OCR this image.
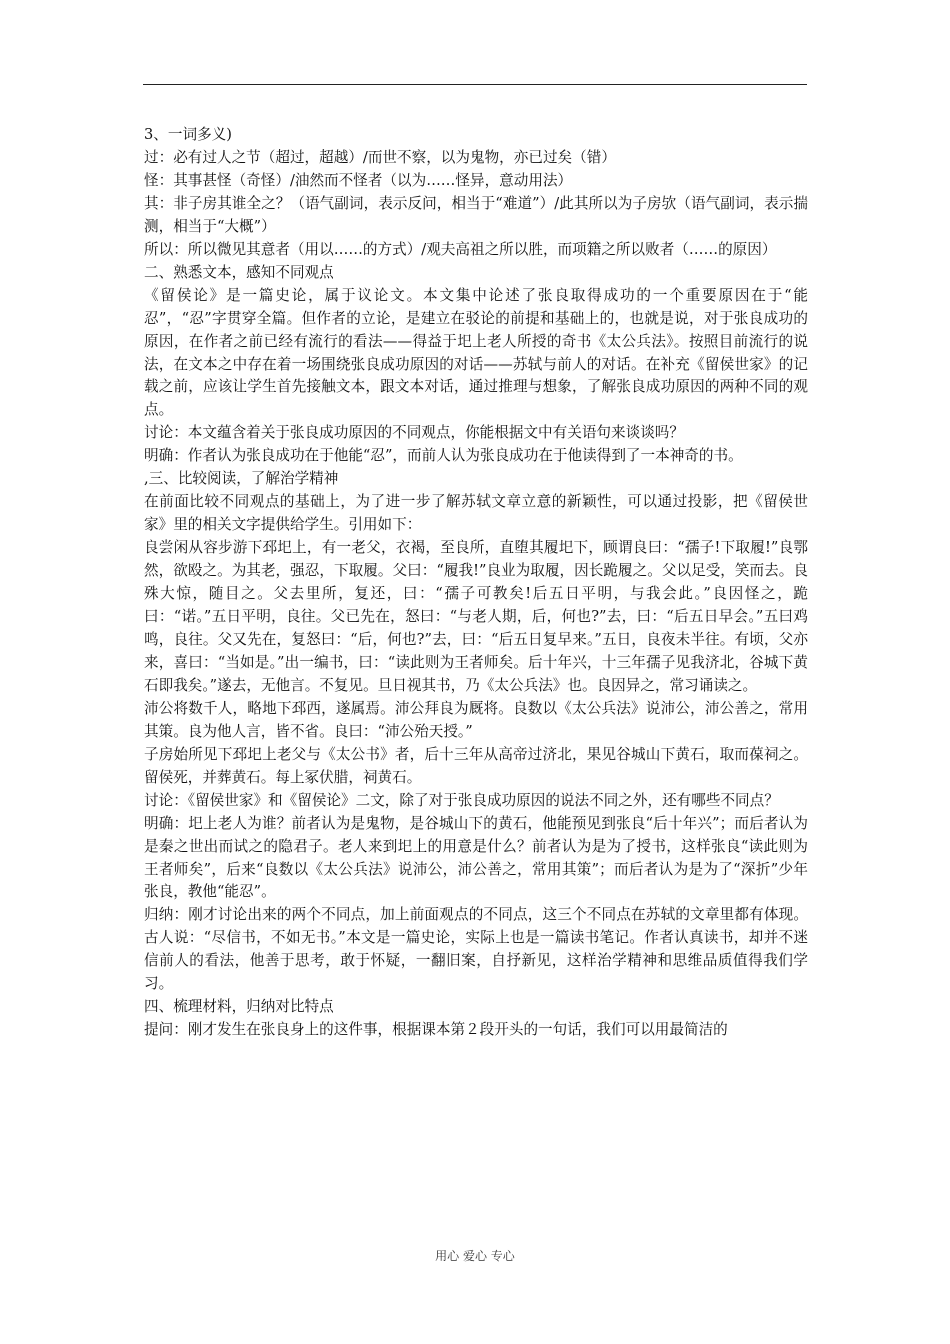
3、一词多义)

过：必有过人之节（超过，超越）/而世不察，以为鬼物，亦已过矣（错）

怪：其事甚怪（奇怪）/油然而不怪者（以为……怪异，意动用法）

其：非子房其谁全之？（语气副词，表示反问，相当于“难道”）/此其所以为子房欤（语气副词，表示揣测，相当于“大概”）

所以：所以微见其意者（用以……的方式）/观夫高祖之所以胜，而项籍之所以败者（……的原因）

二、熟悉文本，感知不同观点

《留侯论》是一篇史论，属于议论文。本文集中论述了张良取得成功的一个重要原因在于“能忍”，“忍”字贯穿全篇。但作者的立论，是建立在驳论的前提和基础上的，也就是说，对于张良成功的原因，在作者之前已经有流行的看法——得益于圯上老人所授的奇书《太公兵法》。按照目前流行的说法，在文本之中存在着一场围绕张良成功原因的对话——苏轼与前人的对话。在补充《留侯世家》的记载之前，应该让学生首先接触文本，跟文本对话，通过推理与想象，了解张良成功原因的两种不同的观点。

讨论：本文蕴含着关于张良成功原因的不同观点，你能根据文中有关语句来谈谈吗？

明确：作者认为张良成功在于他能“忍”，而前人认为张良成功在于他读得到了一本神奇的书。

,三、比较阅读，了解治学精神

在前面比较不同观点的基础上，为了进一步了解苏轼文章立意的新颖性，可以通过投影，把《留侯世家》里的相关文字提供给学生。引用如下：

良尝闲从容步游下邳圯上，有一老父，衣褐，至良所，直堕其履圯下，顾谓良曰：“孺子!下取履!”良鄂然，欲殴之。为其老，强忍，下取履。父曰：“履我!”良业为取履，因长跪履之。父以足受，笑而去。良殊大惊，随目之。父去里所，复还，曰：“孺子可教矣!后五日平明，与我会此。”良因怪之，跪曰：“诺。”五日平明，良往。父已先在，怒曰：“与老人期，后，何也?”去，曰：“后五日早会。”五曰鸡鸣，良往。父又先在，复怒曰：“后，何也?”去，曰：“后五日复早来。”五日，良夜未半往。有顷，父亦来，喜曰：“当如是。”出一编书，曰：“读此则为王者师矣。后十年兴，十三年孺子见我济北，谷城下黄石即我矣。”遂去，无他言。不复见。旦日视其书，乃《太公兵法》也。良因异之，常习诵读之。

沛公将数千人，略地下邳西，遂属焉。沛公拜良为厩将。良数以《太公兵法》说沛公，沛公善之，常用其策。良为他人言，皆不省。良曰：“沛公殆天授。”

子房始所见下邳圯上老父与《太公书》者，后十三年从高帝过济北，果见谷城山下黄石，取而葆祠之。留侯死，并葬黄石。每上冢伏腊，祠黄石。

讨论：《留侯世家》和《留侯论》二文，除了对于张良成功原因的说法不同之外，还有哪些不同点？

明确：圯上老人为谁？前者认为是鬼物，是谷城山下的黄石，他能预见到张良“后十年兴”；而后者认为是秦之世出而试之的隐君子。老人来到圯上的用意是什么？前者认为是为了授书，这样张良“读此则为王者师矣”，后来“良数以《太公兵法》说沛公，沛公善之，常用其策”；而后者认为是为了“深折”少年张良，教他“能忍”。

归纳：刚才讨论出来的两个不同点，加上前面观点的不同点，这三个不同点在苏轼的文章里都有体现。古人说：“尽信书，不如无书。”本文是一篇史论，实际上也是一篇读书笔记。作者认真读书，却并不迷信前人的看法，他善于思考，敢于怀疑，一翻旧案，自抒新见，这样治学精神和思维品质值得我们学习。

四、梳理材料，归纳对比特点

提问：刚才发生在张良身上的这件事，根据课本第２段开头的一句话，我们可以用最简洁的

用心 爱心 专心
